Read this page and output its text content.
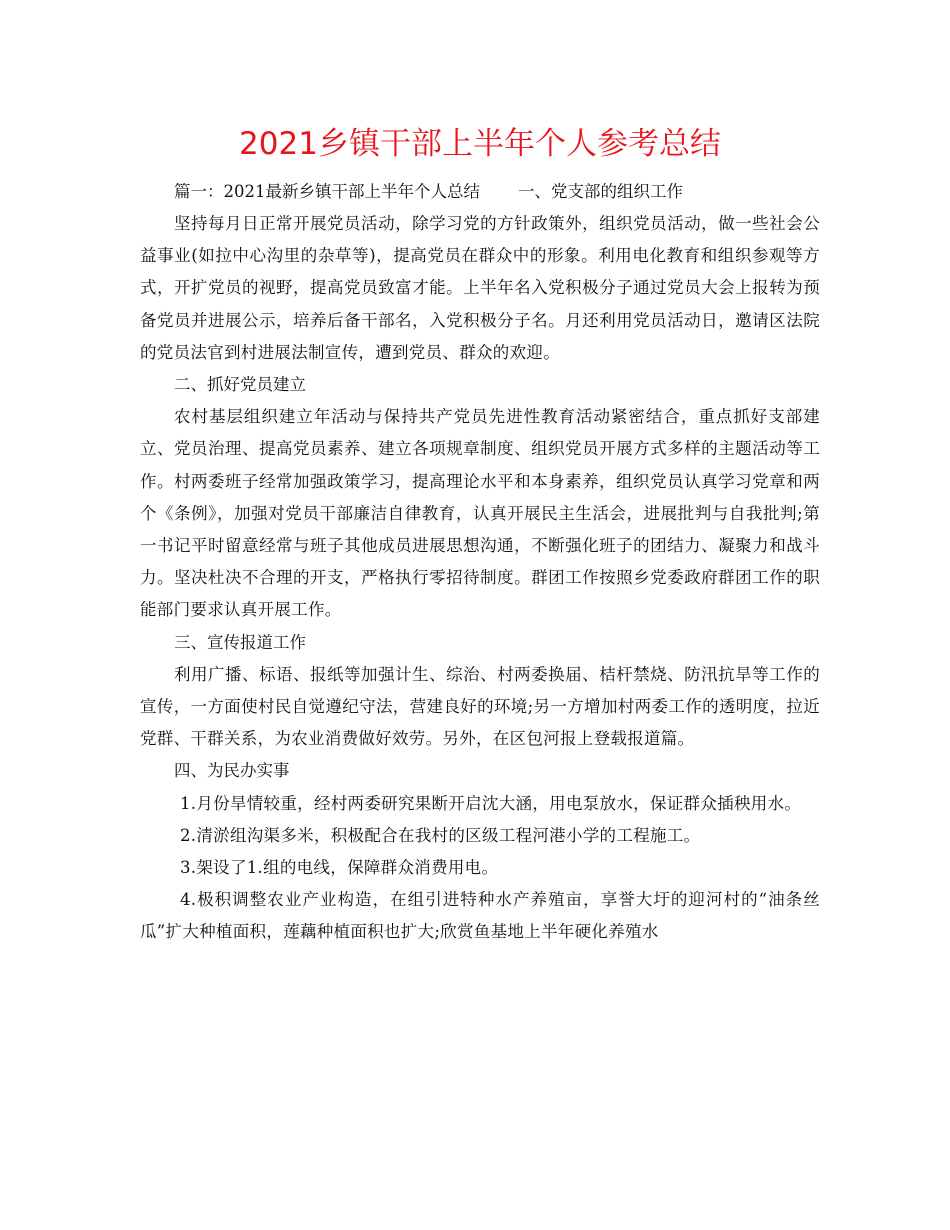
2021乡镇干部上半年个人参考总结

篇一：2021最新乡镇干部上半年个人总结 一、党支部的组织工作

坚持每月日正常开展党员活动，除学习党的方针政策外，组织党员活动，做一些社会公益事业(如拉中心沟里的杂草等)，提高党员在群众中的形象。利用电化教育和组织参观等方式，开扩党员的视野，提高党员致富才能。上半年名入党积极分子通过党员大会上报转为预备党员并进展公示，培养后备干部名，入党积极分子名。月还利用党员活动日，邀请区法院的党员法官到村进展法制宣传，遭到党员、群众的欢迎。

二、抓好党员建立

农村基层组织建立年活动与保持共产党员先进性教育活动紧密结合，重点抓好支部建立、党员治理、提高党员素养、建立各项规章制度、组织党员开展方式多样的主题活动等工作。村两委班子经常加强政策学习，提高理论水平和本身素养，组织党员认真学习党章和两个《条例》，加强对党员干部廉洁自律教育，认真开展民主生活会，进展批判与自我批判;第一书记平时留意经常与班子其他成员进展思想沟通，不断强化班子的团结力、凝聚力和战斗力。坚决杜决不合理的开支，严格执行零招待制度。群团工作按照乡党委政府群团工作的职能部门要求认真开展工作。

三、宣传报道工作

利用广播、标语、报纸等加强计生、综治、村两委换届、桔杆禁烧、防汛抗旱等工作的宣传，一方面使村民自觉遵纪守法，营建良好的环境;另一方增加村两委工作的透明度，拉近党群、干群关系，为农业消费做好效劳。另外，在区包河报上登载报道篇。

四、为民办实事

1.月份旱情较重，经村两委研究果断开启沈大涵，用电泵放水，保证群众插秧用水。

2.清淤组沟渠多米，积极配合在我村的区级工程河港小学的工程施工。

3.架设了1.组的电线，保障群众消费用电。

4.极积调整农业产业构造，在组引进特种水产养殖亩，享誉大圩的迎河村的“油条丝瓜”扩大种植面积，莲藕种植面积也扩大;欣赏鱼基地上半年硬化养殖水
